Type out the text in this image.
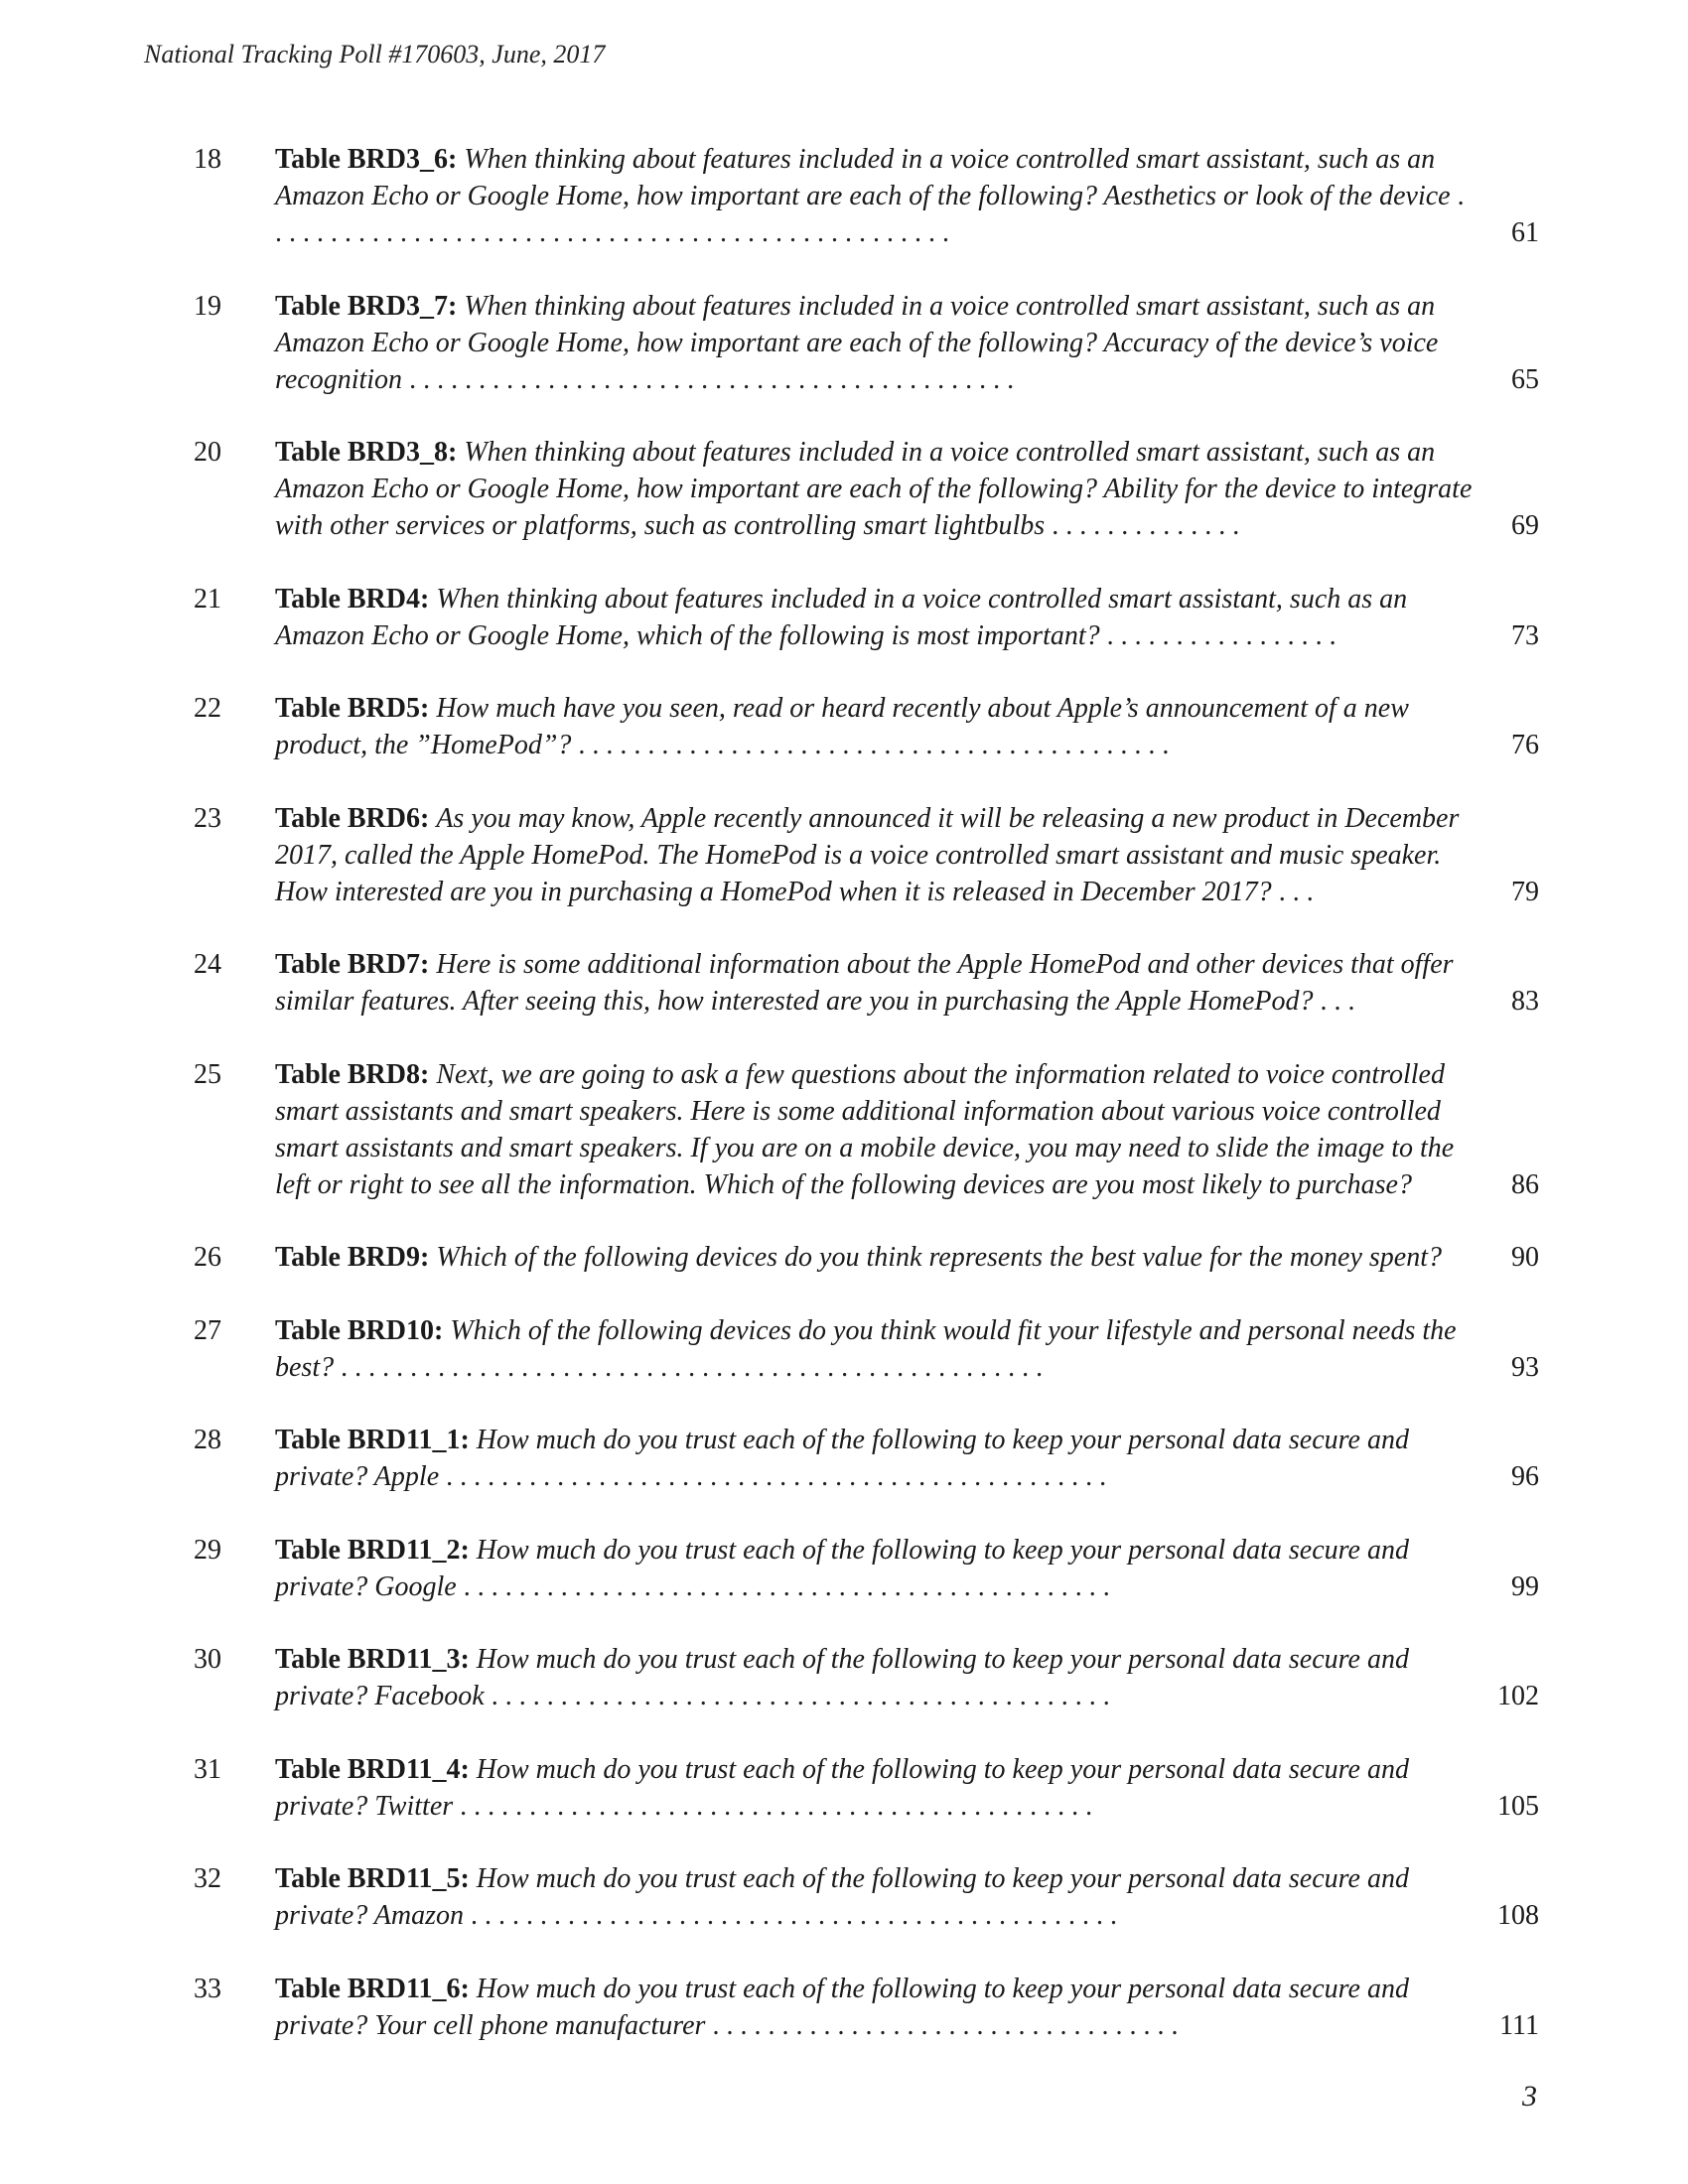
National Tracking Poll #170603, June, 2017
18	Table BRD3_6: When thinking about features included in a voice controlled smart assistant, such as an Amazon Echo or Google Home, how important are each of the following? Aesthetics or look of the device . . . . . . . . . . . . . . . . . . . . . . . . . . . . . . . . . . . . . . . . . . . . . . . . . .	61
19	Table BRD3_7: When thinking about features included in a voice controlled smart assistant, such as an Amazon Echo or Google Home, how important are each of the following? Accuracy of the device’s voice recognition . . . . . . . . . . . . . . . . . . . . . . . . . . . . . . . . . . . . . . . . . . . .	65
20	Table BRD3_8: When thinking about features included in a voice controlled smart assistant, such as an Amazon Echo or Google Home, how important are each of the following? Ability for the device to integrate with other services or platforms, such as controlling smart lightbulbs . . . . . . . . . . . . . .	69
21	Table BRD4: When thinking about features included in a voice controlled smart assistant, such as an Amazon Echo or Google Home, which of the following is most important? . . . . . . . . . . . . . . . . .	73
22	Table BRD5: How much have you seen, read or heard recently about Apple’s announcement of a new product, the ”HomePod”? . . . . . . . . . . . . . . . . . . . . . . . . . . . . . . . . . . . . . . . . . . .	76
23	Table BRD6: As you may know, Apple recently announced it will be releasing a new product in December 2017, called the Apple HomePod. The HomePod is a voice controlled smart assistant and music speaker. How interested are you in purchasing a HomePod when it is released in December 2017? . . .	79
24	Table BRD7: Here is some additional information about the Apple HomePod and other devices that offer similar features. After seeing this, how interested are you in purchasing the Apple HomePod? . . .	83
25	Table BRD8: Next, we are going to ask a few questions about the information related to voice controlled smart assistants and smart speakers. Here is some additional information about various voice controlled smart assistants and smart speakers. If you are on a mobile device, you may need to slide the image to the left or right to see all the information. Which of the following devices are you most likely to purchase?	86
26	Table BRD9: Which of the following devices do you think represents the best value for the money spent?	90
27	Table BRD10: Which of the following devices do you think would fit your lifestyle and personal needs the best? . . . . . . . . . . . . . . . . . . . . . . . . . . . . . . . . . . . . . . . . . . . . . . . . . . .	93
28	Table BRD11_1: How much do you trust each of the following to keep your personal data secure and private? Apple . . . . . . . . . . . . . . . . . . . . . . . . . . . . . . . . . . . . . . . . . . . . . . . .	96
29	Table BRD11_2: How much do you trust each of the following to keep your personal data secure and private? Google . . . . . . . . . . . . . . . . . . . . . . . . . . . . . . . . . . . . . . . . . . . . . . .	99
30	Table BRD11_3: How much do you trust each of the following to keep your personal data secure and private? Facebook . . . . . . . . . . . . . . . . . . . . . . . . . . . . . . . . . . . . . . . . . . . . .	102
31	Table BRD11_4: How much do you trust each of the following to keep your personal data secure and private? Twitter . . . . . . . . . . . . . . . . . . . . . . . . . . . . . . . . . . . . . . . . . . . . . .	105
32	Table BRD11_5: How much do you trust each of the following to keep your personal data secure and private? Amazon . . . . . . . . . . . . . . . . . . . . . . . . . . . . . . . . . . . . . . . . . . . . . . .	108
33	Table BRD11_6: How much do you trust each of the following to keep your personal data secure and private? Your cell phone manufacturer . . . . . . . . . . . . . . . . . . . . . . . . . . . . . . . . . .	111
3
